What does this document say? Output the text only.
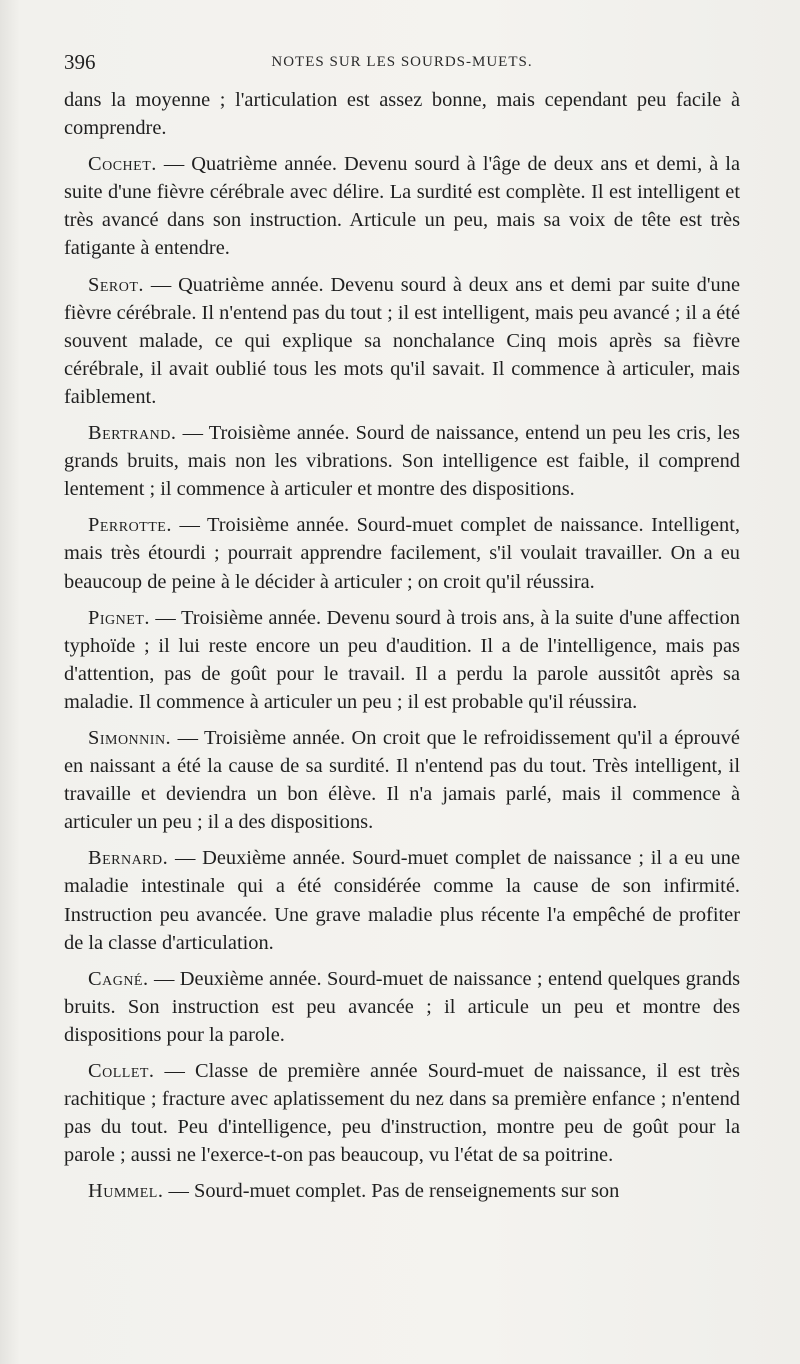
396	NOTES SUR LES SOURDS-MUETS.

dans la moyenne ; l'articulation est assez bonne, mais cependant peu facile à comprendre.

Cochet. — Quatrième année. Devenu sourd à l'âge de deux ans et demi, à la suite d'une fièvre cérébrale avec délire. La surdité est complète. Il est intelligent et très avancé dans son instruction. Articule un peu, mais sa voix de tête est très fatigante à entendre.

Serot. — Quatrième année. Devenu sourd à deux ans et demi par suite d'une fièvre cérébrale. Il n'entend pas du tout ; il est intelligent, mais peu avancé ; il a été souvent malade, ce qui explique sa nonchalance Cinq mois après sa fièvre cérébrale, il avait oublié tous les mots qu'il savait. Il commence à articuler, mais faiblement.

Bertrand. — Troisième année. Sourd de naissance, entend un peu les cris, les grands bruits, mais non les vibrations. Son intelligence est faible, il comprend lentement ; il commence à articuler et montre des dispositions.

Perrotte. — Troisième année. Sourd-muet complet de naissance. Intelligent, mais très étourdi ; pourrait apprendre facilement, s'il voulait travailler. On a eu beaucoup de peine à le décider à articuler ; on croit qu'il réussira.

Pignet. — Troisième année. Devenu sourd à trois ans, à la suite d'une affection typhoïde ; il lui reste encore un peu d'audition. Il a de l'intelligence, mais pas d'attention, pas de goût pour le travail. Il a perdu la parole aussitôt après sa maladie. Il commence à articuler un peu ; il est probable qu'il réussira.

Simonnin. — Troisième année. On croit que le refroidissement qu'il a éprouvé en naissant a été la cause de sa surdité. Il n'entend pas du tout. Très intelligent, il travaille et deviendra un bon élève. Il n'a jamais parlé, mais il commence à articuler un peu ; il a des dispositions.

Bernard. — Deuxième année. Sourd-muet complet de naissance ; il a eu une maladie intestinale qui a été considérée comme la cause de son infirmité. Instruction peu avancée. Une grave maladie plus récente l'a empêché de profiter de la classe d'articulation.

Cagné. — Deuxième année. Sourd-muet de naissance ; entend quelques grands bruits. Son instruction est peu avancée ; il articule un peu et montre des dispositions pour la parole.

Collet. — Classe de première année Sourd-muet de naissance, il est très rachitique ; fracture avec aplatissement du nez dans sa première enfance ; n'entend pas du tout. Peu d'intelligence, peu d'instruction, montre peu de goût pour la parole ; aussi ne l'exerce-t-on pas beaucoup, vu l'état de sa poitrine.

Hummel. — Sourd-muet complet. Pas de renseignements sur son
